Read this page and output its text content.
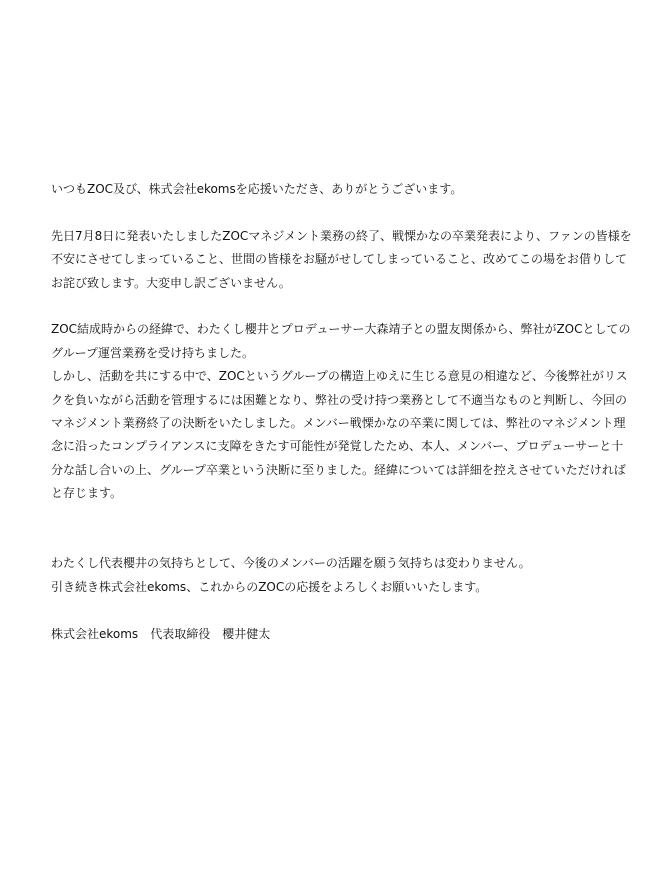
いつもZOC及び、株式会社ekomsを応援いただき、ありがとうございます。

先日7月8日に発表いたしましたZOCマネジメント業務の終了、戦慄かなの卒業発表により、ファンの皆様を

不安にさせてしまっていること、世間の皆様をお騒がせしてしまっていること、改めてこの場をお借りして

お詫び致します。大変申し訳ございません。

ZOC結成時からの経緯で、わたくし櫻井とプロデューサー大森靖子との盟友関係から、弊社がZOCとしての

グループ運営業務を受け持ちました。

しかし、活動を共にする中で、ZOCというグループの構造上ゆえに生じる意見の相違など、今後弊社がリス

クを負いながら活動を管理するには困難となり、弊社の受け持つ業務として不適当なものと判断し、今回の

マネジメント業務終了の決断をいたしました。メンバー戦慄かなの卒業に関しては、弊社のマネジメント理

念に沿ったコンプライアンスに支障をきたす可能性が発覚したため、本人、メンバー、プロデューサーと十

分な話し合いの上、グループ卒業という決断に至りました。経緯については詳細を控えさせていただければ

と存じます。

わたくし代表櫻井の気持ちとして、今後のメンバーの活躍を願う気持ちは変わりません。

引き続き株式会社ekoms、これからのZOCの応援をよろしくお願いいたします。

株式会社ekoms　代表取締役　櫻井健太
